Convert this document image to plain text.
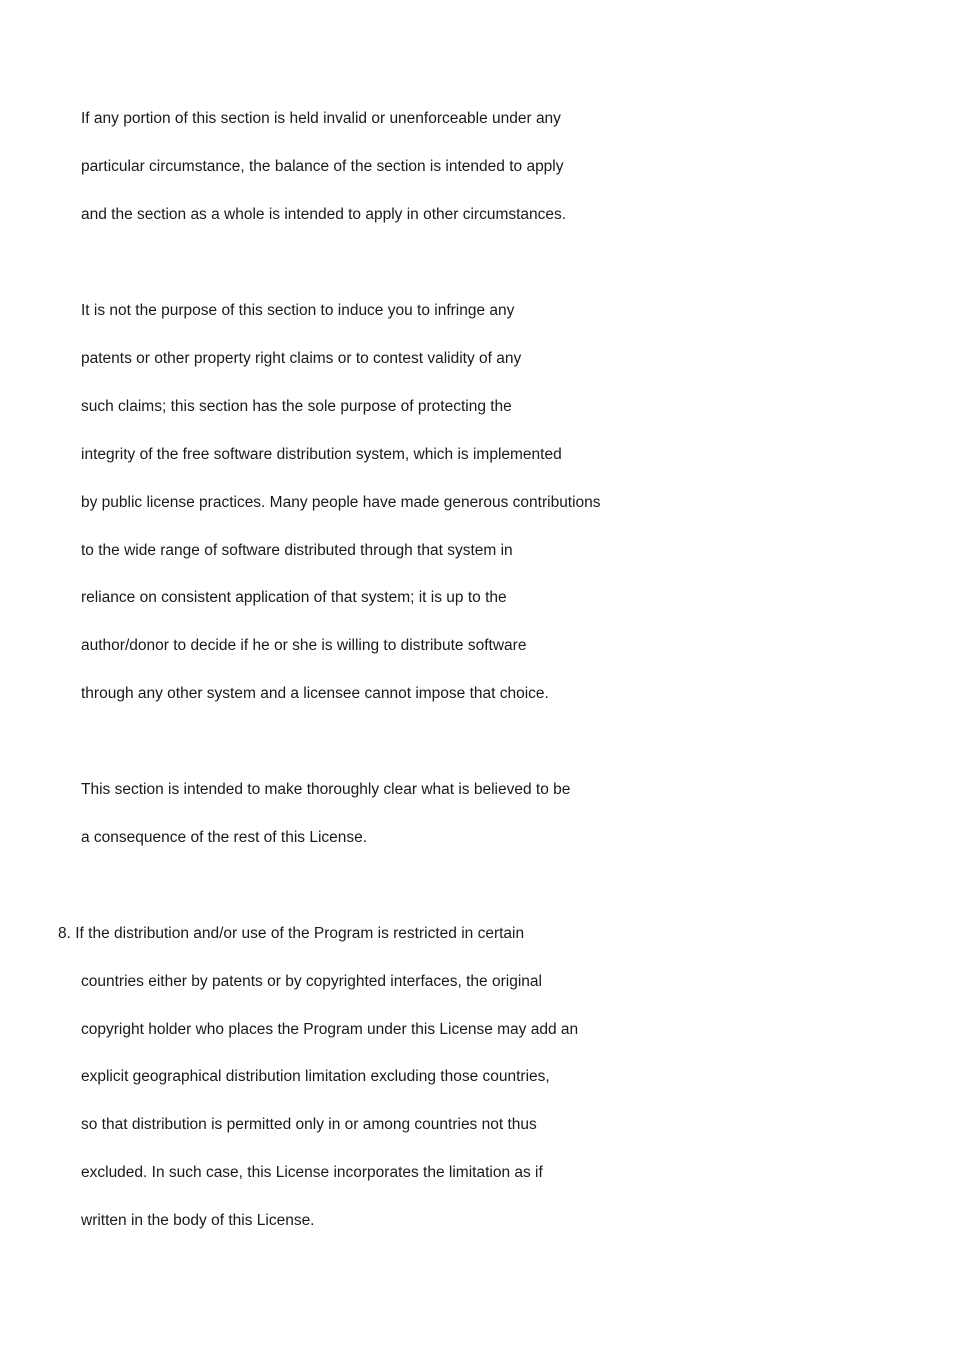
If any portion of this section is held invalid or unenforceable under any
particular circumstance, the balance of the section is intended to apply
and the section as a whole is intended to apply in other circumstances.
It is not the purpose of this section to induce you to infringe any
patents or other property right claims or to contest validity of any
such claims; this section has the sole purpose of protecting the
integrity of the free software distribution system, which is implemented
by public license practices. Many people have made generous contributions
to the wide range of software distributed through that system in
reliance on consistent application of that system; it is up to the
author/donor to decide if he or she is willing to distribute software
through any other system and a licensee cannot impose that choice.
This section is intended to make thoroughly clear what is believed to be
a consequence of the rest of this License.
8. If the distribution and/or use of the Program is restricted in certain
countries either by patents or by copyrighted interfaces, the original
copyright holder who places the Program under this License may add an
explicit geographical distribution limitation excluding those countries,
so that distribution is permitted only in or among countries not thus
excluded. In such case, this License incorporates the limitation as if
written in the body of this License.
